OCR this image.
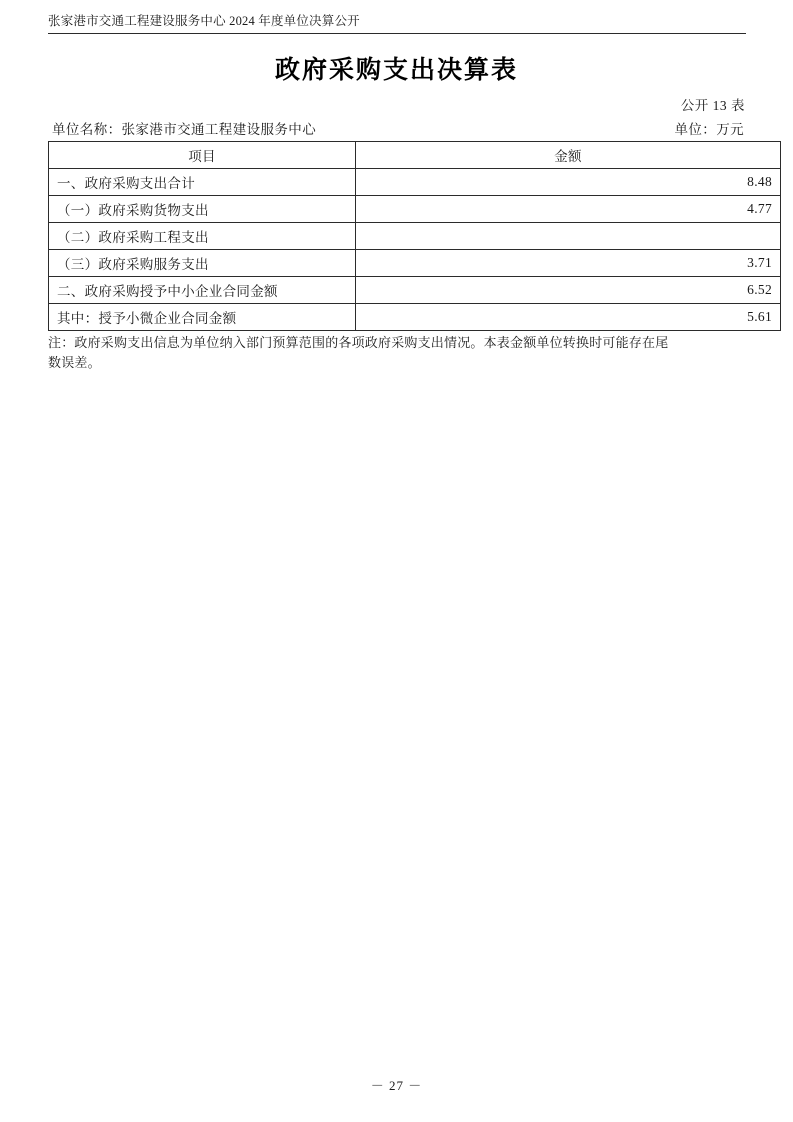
张家港市交通工程建设服务中心 2024 年度单位决算公开
政府采购支出决算表
公开 13 表
单位名称：张家港市交通工程建设服务中心	单位：万元
项目	金额
一、政府采购支出合计	8.48
（一）政府采购货物支出	4.77
（二）政府采购工程支出	
（三）政府采购服务支出	3.71
二、政府采购授予中小企业合同金额	6.52
其中：授予小微企业合同金额	5.61
注：政府采购支出信息为单位纳入部门预算范围的各项政府采购支出情况。本表金额单位转换时可能存在尾
数误差。
－ 27 －
